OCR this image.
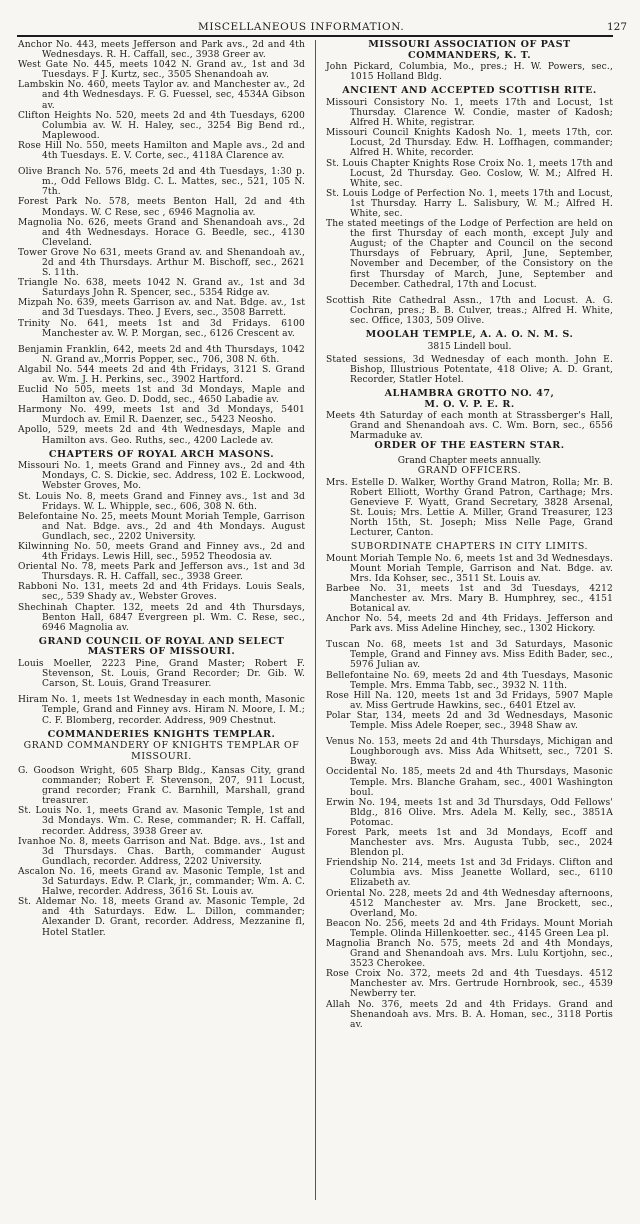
MISCELLANEOUS INFORMATION.	127

Anchor No. 443, meets Jefferson and Park avs., 2d and 4th Wednesdays. R. H. Caffall, sec., 3938 Greer av.

West Gate No. 445, meets 1042 N. Grand av., 1st and 3d Tuesdays. F J. Kurtz, sec., 3505 Shenandoah av.

Lambskin No. 460, meets Taylor av. and Manchester av., 2d and 4th Wednesdays. F. G. Fuessel, sec, 4534A Gibson av.

Clifton Heights No. 520, meets 2d and 4th Tuesdays, 6200 Columbia av. W. H. Haley, sec., 3254 Big Bend rd., Maplewood.

Rose Hill No. 550, meets Hamilton and Maple avs., 2d and 4th Tuesdays. E. V. Corte, sec., 4118A Clarence av.

Olive Branch No. 576, meets 2d and 4th Tuesdays, 1:30 p. m., Odd Fellows Bldg. C. L. Mattes, sec., 521, 105 N. 7th.

Forest Park No. 578, meets Benton Hall, 2d and 4th Mondays. W. C Rese, sec , 6946 Magnolia av.

Magnolia No. 626, meets Grand and Shenandoah avs., 2d and 4th Wednesdays. Horace G. Beedle, sec., 4130 Cleveland.

Tower Grove No 631, meets Grand av. and Shenandoah av., 2d and 4th Thursdays. Arthur M. Bischoff, sec., 2621 S. 11th.

Triangle No. 638, meets 1042 N. Grand av., 1st and 3d Saturdays John R. Spencer, sec., 5354 Ridge av.

Mizpah No. 639, meets Garrison av. and Nat. Bdge. av., 1st and 3d Tuesdays. Theo. J Evers, sec., 3508 Barrett.

Trinity No. 641, meets 1st and 3d Fridays. 6100 Manchester av. W. P. Morgan, sec., 6126 Crescent av.

Benjamin Franklin, 642, meets 2d and 4th Thursdays, 1042 N. Grand av.,Morris Popper, sec., 706, 308 N. 6th.

Algabil No. 544 meets 2d and 4th Fridays, 3121 S. Grand av. Wm. J. H. Perkins, sec., 3902 Hartford.

Euclid No 505, meets 1st and 3d Mondays, Maple and Hamilton av. Geo. D. Dodd, sec., 4650 Labadie av.

Harmony No. 499, meets 1st and 3d Mondays, 5401 Murdoch av. Emil R. Daenzer, sec., 5423 Neosho.

Apollo, 529, meets 2d and 4th Wednesdays, Maple and Hamilton avs. Geo. Ruths, sec., 4200 Laclede av.

CHAPTERS OF ROYAL ARCH MASONS.

Missouri No. 1, meets Grand and Finney avs., 2d and 4th Mondays, C. S. Dickie, sec. Address, 102 E. Lockwood, Webster Groves, Mo.

St. Louis No. 8, meets Grand and Finney avs., 1st and 3d Fridays. W. L. Whipple, sec., 606, 308 N. 6th.

Belefontaine No. 25, meets Mount Moriah Temple, Garrison and Nat. Bdge. avs., 2d and 4th Mondays. August Gundlach, sec., 2202 University.

Kilwinning No. 50, meets Grand and Finney avs., 2d and 4th Fridays. Lewis Hill, sec., 5952 Theodosia av.

Oriental No. 78, meets Park and Jefferson avs., 1st and 3d Thursdays. R. H. Caffall, sec., 3938 Greer.

Rabboni No. 131, meets 2d and 4th Fridays. Louis Seals, sec,, 539 Shady av., Webster Groves.

Shechinah Chapter. 132, meets 2d and 4th Thursdays, Benton Hall, 6847 Evergreen pl. Wm. C. Rese, sec., 6946 Magnolia av.

GRAND COUNCIL OF ROYAL AND SELECT MASTERS OF MISSOURI.

Louis Moeller, 2223 Pine, Grand Master; Robert F. Stevenson, St. Louis, Grand Recorder; Dr. Gib. W. Carson, St. Louis, Grand Treasurer.

Hiram No. 1, meets 1st Wednesday in each month, Masonic Temple, Grand and Finney avs. Hiram N. Moore, I. M.; C. F. Blomberg, recorder. Address, 909 Chestnut.

COMMANDERIES KNIGHTS TEMPLAR.
GRAND COMMANDERY OF KNIGHTS TEMPLAR OF MISSOURI.

G. Goodson Wright, 605 Sharp Bldg., Kansas City, grand commander; Robert F. Stevenson, 207, 911 Locust, grand recorder; Frank C. Barnhill, Marshall, grand treasurer.

St. Louis No. 1, meets Grand av. Masonic Temple, 1st and 3d Mondays. Wm. C. Rese, commander; R. H. Caffall, recorder. Address, 3938 Greer av.

Ivanhoe No. 8, meets Garrison and Nat. Bdge. avs., 1st and 3d Thursdays. Chas. Barth, commander August Gundlach, recorder. Address, 2202 University.

Ascalon No. 16, meets Grand av. Masonic Temple, 1st and 3d Saturdays. Edw. P. Clark, jr., commander; Wm. A. C. Halwe, recorder. Address, 3616 St. Louis av.

St. Aldemar No. 18, meets Grand av. Masonic Temple, 2d and 4th Saturdays. Edw. L. Dillon, commander; Alexander D. Grant, recorder. Address, Mezzanine fl, Hotel Statler.

MISSOURI ASSOCIATION OF PAST COMMANDERS, K. T.

John Pickard, Columbia, Mo., pres.; H. W. Powers, sec., 1015 Holland Bldg.

ANCIENT AND ACCEPTED SCOTTISH RITE.

Missouri Consistory No. 1, meets 17th and Locust, 1st Thursday. Clarence W. Condie, master of Kadosh; Alfred H. White, registrar.

Missouri Council Knights Kadosh No. 1, meets 17th, cor. Locust, 2d Thursday. Edw. H. Loffhagen, commander; Alfred H. White, recorder.

St. Louis Chapter Knights Rose Croix No. 1, meets 17th and Locust, 2d Thursday. Geo. Coslow, W. M.; Alfred H. White, sec.

St. Louis Lodge of Perfection No. 1, meets 17th and Locust, 1st Thursday. Harry L. Salisbury, W. M.; Alfred H. White, sec.

The stated meetings of the Lodge of Perfection are held on the first Thursday of each month, except July and August; of the Chapter and Council on the second Thursdays of February, April, June, September, November and December, of the Consistory on the first Thursday of March, June, September and December. Cathedral, 17th and Locust.

Scottish Rite Cathedral Assn., 17th and Locust. A. G. Cochran, pres.; B. B. Culver, treas.; Alfred H. White, sec. Office, 1303, 509 Olive.

MOOLAH TEMPLE, A. A. O. N. M. S.
3815 Lindell boul.

Stated sessions, 3d Wednesday of each month. John E. Bishop, Illustrious Potentate, 418 Olive; A. D. Grant, Recorder, Statler Hotel.

ALHAMBRA GROTTO NO. 47,
M. O. V. P. E. R.

Meets 4th Saturday of each month at Strassberger's Hall, Grand and Shenandoah avs. C. Wm. Born, sec., 6556 Marmaduke av.

ORDER OF THE EASTERN STAR.
Grand Chapter meets annually.
GRAND OFFICERS.

Mrs. Estelle D. Walker, Worthy Grand Matron, Rolla; Mr. B. Robert Elliott, Worthy Grand Patron, Carthage; Mrs. Genevieve F. Wyatt, Grand Secretary, 3828 Arsenal, St. Louis; Mrs. Lettie A. Miller, Grand Treasurer, 123 North 15th, St. Joseph; Miss Nelle Page, Grand Lecturer, Canton.

SUBORDINATE CHAPTERS IN CITY LIMITS.

Mount Moriah Temple No. 6, meets 1st and 3d Wednesdays. Mount Moriah Temple, Garrison and Nat. Bdge. av. Mrs. Ida Kohser, sec., 3511 St. Louis av.

Barbee No. 31, meets 1st and 3d Tuesdays, 4212 Manchester av. Mrs. Mary B. Humphrey, sec., 4151 Botanical av.

Anchor No. 54, meets 2d and 4th Fridays. Jefferson and Park avs. Miss Adeline Hinchey, sec., 1302 Hickory.

Tuscan No. 68, meets 1st and 3d Saturdays, Masonic Temple, Grand and Finney avs. Miss Edith Bader, sec., 5976 Julian av.

Bellefontaine No. 69, meets 2d and 4th Tuesdays, Masonic Temple. Mrs. Emma Tabb, sec., 3932 N. 11th.

Rose Hill Na. 120, meets 1st and 3d Fridays, 5907 Maple av. Miss Gertrude Hawkins, sec., 6401 Etzel av.

Polar Star, 134, meets 2d and 3d Wednesdays, Masonic Temple. Miss Adele Roeper, sec., 3948 Shaw av.

Venus No. 153, meets 2d and 4th Thursdays, Michigan and Loughborough avs. Miss Ada Whitsett, sec., 7201 S. Bway.

Occidental No. 185, meets 2d and 4th Thursdays, Masonic Temple. Mrs. Blanche Graham, sec., 4001 Washington boul.

Erwin No. 194, meets 1st and 3d Thursdays, Odd Fellows' Bldg., 816 Olive. Mrs. Adela M. Kelly, sec., 3851A Potomac.

Forest Park, meets 1st and 3d Mondays, Ecoff and Manchester avs. Mrs. Augusta Tubb, sec., 2024 Blendon pl.

Friendship No. 214, meets 1st and 3d Fridays. Clifton and Columbia avs. Miss Jeanette Wollard, sec., 6110 Elizabeth av.

Oriental No. 228, meets 2d and 4th Wednesday afternoons, 4512 Manchester av. Mrs. Jane Brockett, sec., Overland, Mo.

Beacon No. 256, meets 2d and 4th Fridays. Mount Moriah Temple. Olinda Hillenkoetter. sec., 4145 Green Lea pl.

Magnolia Branch No. 575, meets 2d and 4th Mondays, Grand and Shenandoah avs. Mrs. Lulu Kortjohn, sec., 3523 Cherokee.

Rose Croix No. 372, meets 2d and 4th Tuesdays. 4512 Manchester av. Mrs. Gertrude Hornbrook, sec., 4539 Newberry ter.

Allah No. 376, meets 2d and 4th Fridays. Grand and Shenandoah avs. Mrs. B. A. Homan, sec., 3118 Portis av.
